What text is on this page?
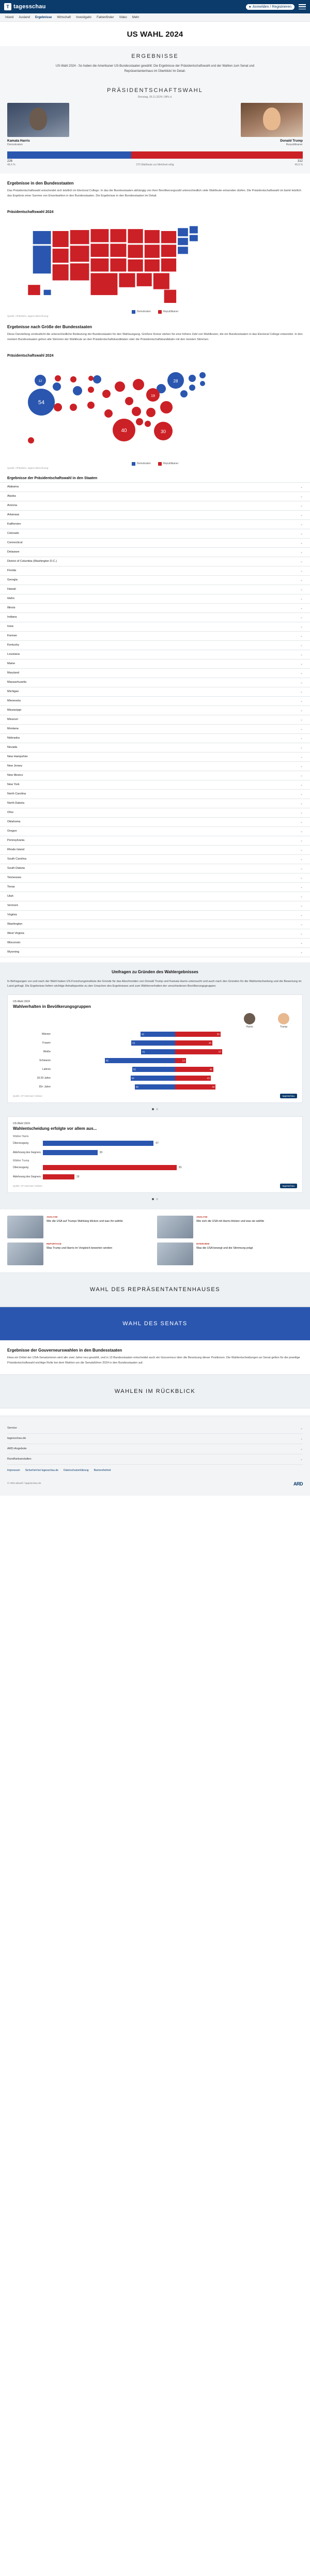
T tagesschau	● Anmelden / Registrieren
Inland Ausland Ergebnisse Wirtschaft Investigativ Faktenfinder Video Mehr
US WAHL 2024
ERGEBNISSE

US-Wahl 2024 - So haben die Amerikaner US-Bundesstaaten gewählt: Die Ergebnisse der Präsidentschaftswahl und der Wahlen zum Senat und Repräsentantenhaus im Überblick/ im Detail.

PRÄSIDENTSCHAFTSWAHL
Dienstag, 05.11.2024 | 98% d.
Kamala Harris
Demokraten
Donald Trump
Republikaner
226	312
48,4 %	270 Wahlleute zur Mehrheit nötig	49,9 %
Ergebnisse in den Bundesstaaten

Das Präsidentschaftswahl entscheidet sich letztlich im Electoral College. In das die Bundesstaaten abhängig von ihrer Bevölkerungszahl unterschiedlich viele Wahlleute entsenden dürfen. Die Präsidentschaftswahl ist damit letztlich das Ergebnis einer Summe von Einzelwahlen in den Bundesstaaten. Die Ergebnisse in den Bundesstaaten im Detail.

Präsidentschaftswahl 2024
Demokraten	Republikaner
Quelle: AP/Edison, eigene Berechnung
Ergebnisse nach Größe der Bundesstaaten

Diese Darstellung verdeutlicht die unterschiedliche Bedeutung der Bundesstaaten für den Wahlausgang. Größere Kreise stehen für eine höhere Zahl von Wahlleuten, die ein Bundesstaaten in das Electoral College entsendet. In den meisten Bundesstaaten gehen alle Stimmen der Wahlleute an den Präsidentschaftskandidaten oder die Präsidentschaftskandidatin mit den meisten Stimmen.

Präsidentschaftswahl 2024
54
12	28
40	30
19
Demokraten	Republikaner
Quelle: AP/Edison, eigene Berechnung
Ergebnisse der Präsidentschaftswahl in den Staaten
Alabama	⌄
Alaska	⌄
Arizona	⌄
Arkansas	⌄
Kalifornien	⌄
Colorado	⌄
Connecticut	⌄
Delaware	⌄
District of Columbia (Washington D.C.)	⌄
Florida	⌄
Georgia	⌄
Hawaii	⌄
Idaho	⌄
Illinois	⌄
Indiana	⌄
Iowa	⌄
Kansas	⌄
Kentucky	⌄
Louisiana	⌄
Maine	⌄
Maryland	⌄
Massachusetts	⌄
Michigan	⌄
Minnesota	⌄
Mississippi	⌄
Missouri	⌄
Montana	⌄
Nebraska	⌄
Nevada	⌄
New Hampshire	⌄
New Jersey	⌄
New Mexico	⌄
New York	⌄
North Carolina	⌄
North Dakota	⌄
Ohio	⌄
Oklahoma	⌄
Oregon	⌄
Pennsylvania	⌄
Rhode Island	⌄
South Carolina	⌄
South Dakota	⌄
Tennessee	⌄
Texas	⌄
Utah	⌄
Vermont	⌄
Virginia	⌄
Washington	⌄
West Virginia	⌄
Wisconsin	⌄
Wyoming	⌄
Umfragen zu Gründen des Wahlergebnisses

In Befragungen vor und nach der Wahl haben US-Forschungsinstitute die Gründe für das Abschneiden von Donald Trump und Kamala Harris untersucht und auch nach den Gründen für die Wahlentscheidung und die Bewertung im Land gefragt. Die Ergebnisse liefern wichtige Anhaltspunkte zu den Ursachen des Ergebnisses und zum Wählerverhalten der verschiedenen Bevölkerungsgruppen.

US-Wahl 2024
Wahlverhalten in Bevölkerungsgruppen
Harris	Trump
Männer	42	55
Frauen	53	45
Weiße	41	57
Schwarze	85	13
Latinos	52	46
18-29 Jahre	54	43
65+ Jahre	49	49
Quelle: AP VoteCast / Edison	tagesschau
US-Wahl 2024
Wahlentscheidung erfolgte vor allem aus...
Wähler Harris
Überzeugung	67
Ablehnung des Gegners	33
Wähler Trump
Überzeugung	81
Ablehnung des Gegners	19
Quelle: AP VoteCast / Edison	tagesschau
ANALYSE
Wie die USA auf Trumps Wahlsieg blicken und was ihn wählte
ANALYSE
Wie sich die USA mit Harris blicken und was sie wählte
REPORTAGE
Was Trump und Harris im Vergleich bewerten werden
INTERVIEW
Was die USA bewegt und die Stimmung prägt
WAHL DES REPRÄSENTANTENHAUSES
WAHL DES SENATS
Ergebnisse der Gouverneurswahlen in den Bundesstaaten

Etwa ein Drittel der USA-Senatorinnen wird alle zwei Jahre neu gewählt, und in 13 Bundesstaaten entscheidet auch ein Gouverneur über die Besetzung dieser Positionen. Die Wahlentscheidungen an Senat gelten für die jeweilige Präsidentschaftswahl wichtige Rolle bei dem Wahlen um die Senatsführer 2024 in den Bundesstaaten auf.

WAHLEN IM RÜCKBLICK
Service	⌄
tagesschau.de	⌄
ARD-Angebote	⌄
Rundfunkanstalten	⌄
Impressum Sicherheit bei tagesschau.de Datenschutzerklärung Barrierefreiheit
© ARD-aktuell / tagesschau.de	ARD
